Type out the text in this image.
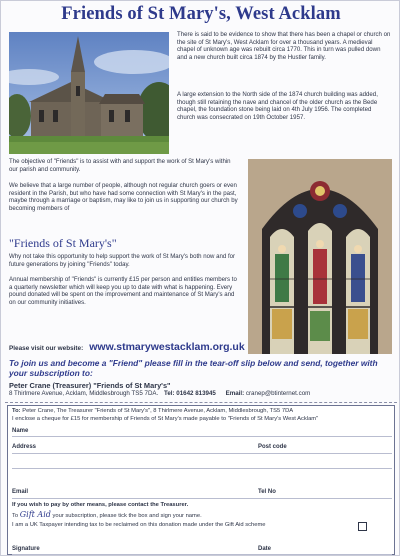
Friends of St Mary's, West Acklam
There is said to be evidence to show that there has been a chapel or church on the site of St Mary's, West Acklam for over a thousand years. A medieval chapel of unknown age was rebuilt circa 1770. This in turn was pulled down and a new church built circa 1874 by the Hustler family.
A large extension to the North side of the 1874 church building was added, though still retaining the nave and chancel of the older church as the Bede chapel, the foundation stone being laid on 4th July 1956. The completed church was consecrated on 19th October 1957.
The objective of "Friends" is to assist with and support the work of St Mary's within our parish and community.
We believe that a large number of people, although not regular church goers or even resident in the Parish, but who have had some connection with St Mary's in the past, maybe through a marriage or baptism, may like to join us in supporting our church by becoming members of
"Friends of St Mary's"
Why not take this opportunity to help support the work of St Mary's both now and for future generations by joining "Friends" today.
Annual membership of "Friends" is currently £15 per person and entitles members to a quarterly newsletter which will keep you up to date with what is happening. Every pound donated will be spent on the improvement and maintenance of St Mary's and on our community initiatives.
Please visit our website: www.stmarywestacklam.org.uk
To join us and become a "Friend" please fill in the tear-off slip below and send, together with your subscription to:
Peter Crane (Treasurer) "Friends of St Mary's"
8 Thirlmere Avenue, Acklam, Middlesbrough TS5 7DA. Tel: 01642 813945 Email: cranep@btinternet.com
To: Peter Crane, The Treasurer "Friends of St Mary's", 8 Thirlmere Avenue, Acklam, Middlesbrough, TS5 7DA
I enclose a cheque for £15 for membership of Friends of St Mary's made payable to "Friends of St Mary's West Acklam"
Name
Address	Post code
Email	Tel No
If you wish to pay by other means, please contact the Treasurer.
To Gift Aid your subscription, please tick the box and sign your name.
I am a UK Taxpayer intending tax to be reclaimed on this donation made under the Gift Aid scheme
Signature	Date
